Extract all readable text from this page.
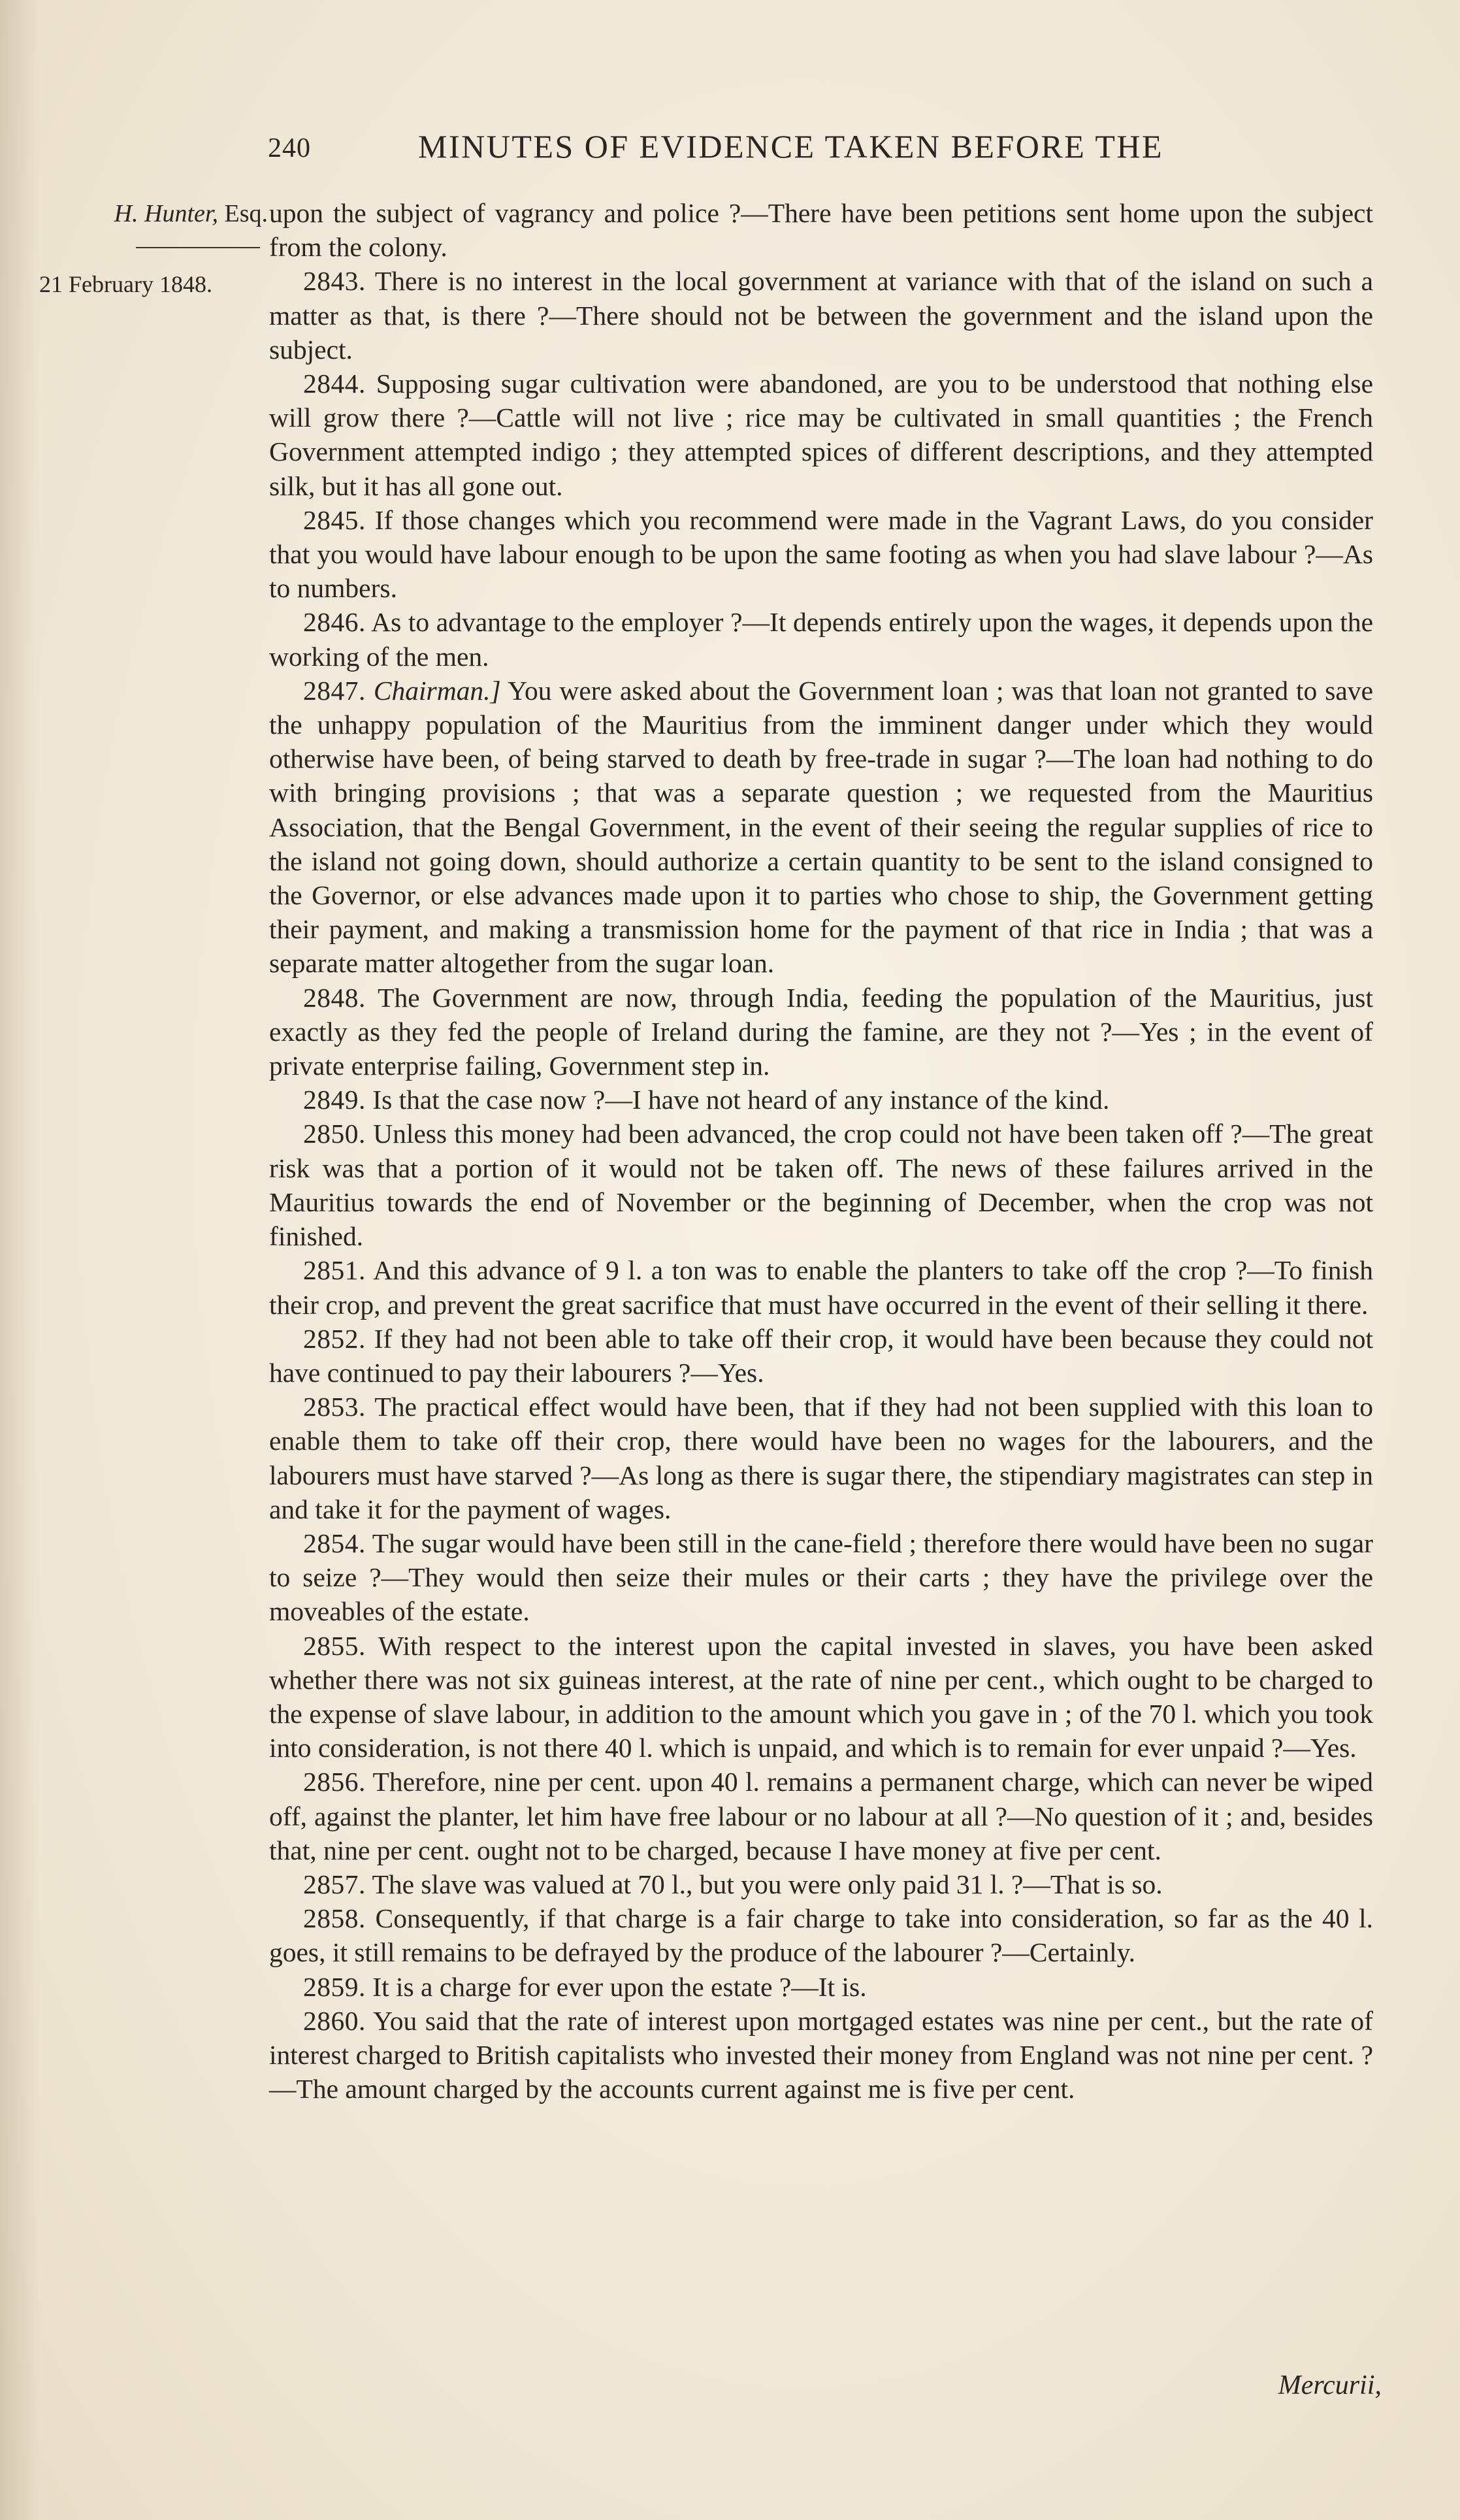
240	MINUTES OF EVIDENCE TAKEN BEFORE THE
H. Hunter, Esq.
21 February 1848.

upon the subject of vagrancy and police ?—There have been petitions sent home upon the subject from the colony.

2843. There is no interest in the local government at variance with that of the island on such a matter as that, is there ?—There should not be between the government and the island upon the subject.

2844. Supposing sugar cultivation were abandoned, are you to be understood that nothing else will grow there ?—Cattle will not live ; rice may be cultivated in small quantities ; the French Government attempted indigo ; they attempted spices of different descriptions, and they attempted silk, but it has all gone out.

2845. If those changes which you recommend were made in the Vagrant Laws, do you consider that you would have labour enough to be upon the same footing as when you had slave labour ?—As to numbers.

2846. As to advantage to the employer ?—It depends entirely upon the wages, it depends upon the working of the men.

2847. Chairman.] You were asked about the Government loan ; was that loan not granted to save the unhappy population of the Mauritius from the imminent danger under which they would otherwise have been, of being starved to death by free-trade in sugar ?—The loan had nothing to do with bringing provisions ; that was a separate question ; we requested from the Mauritius Association, that the Bengal Government, in the event of their seeing the regular supplies of rice to the island not going down, should authorize a certain quantity to be sent to the island consigned to the Governor, or else advances made upon it to parties who chose to ship, the Government getting their payment, and making a transmission home for the payment of that rice in India ; that was a separate matter altogether from the sugar loan.

2848. The Government are now, through India, feeding the population of the Mauritius, just exactly as they fed the people of Ireland during the famine, are they not ?—Yes ; in the event of private enterprise failing, Government step in.

2849. Is that the case now ?—I have not heard of any instance of the kind.

2850. Unless this money had been advanced, the crop could not have been taken off ?—The great risk was that a portion of it would not be taken off. The news of these failures arrived in the Mauritius towards the end of November or the beginning of December, when the crop was not finished.

2851. And this advance of 9 l. a ton was to enable the planters to take off the crop ?—To finish their crop, and prevent the great sacrifice that must have occurred in the event of their selling it there.

2852. If they had not been able to take off their crop, it would have been because they could not have continued to pay their labourers ?—Yes.

2853. The practical effect would have been, that if they had not been supplied with this loan to enable them to take off their crop, there would have been no wages for the labourers, and the labourers must have starved ?—As long as there is sugar there, the stipendiary magistrates can step in and take it for the payment of wages.

2854. The sugar would have been still in the cane-field ; therefore there would have been no sugar to seize ?—They would then seize their mules or their carts ; they have the privilege over the moveables of the estate.

2855. With respect to the interest upon the capital invested in slaves, you have been asked whether there was not six guineas interest, at the rate of nine per cent., which ought to be charged to the expense of slave labour, in addition to the amount which you gave in ; of the 70 l. which you took into consideration, is not there 40 l. which is unpaid, and which is to remain for ever unpaid ?—Yes.

2856. Therefore, nine per cent. upon 40 l. remains a permanent charge, which can never be wiped off, against the planter, let him have free labour or no labour at all ?—No question of it ; and, besides that, nine per cent. ought not to be charged, because I have money at five per cent.

2857. The slave was valued at 70 l., but you were only paid 31 l. ?—That is so.

2858. Consequently, if that charge is a fair charge to take into consideration, so far as the 40 l. goes, it still remains to be defrayed by the produce of the labourer ?—Certainly.

2859. It is a charge for ever upon the estate ?—It is.

2860. You said that the rate of interest upon mortgaged estates was nine per cent., but the rate of interest charged to British capitalists who invested their money from England was not nine per cent. ?—The amount charged by the accounts current against me is five per cent.

Mercurii,
